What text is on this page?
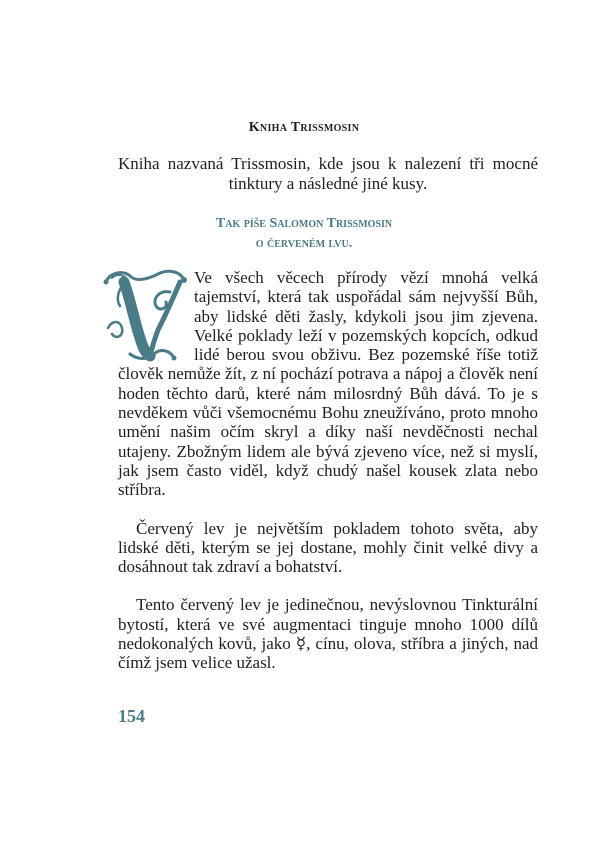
Kniha Trissmosin

Kniha nazvaná Trissmosin, kde jsou k nalezení tři mocné tinktury a následné jiné kusy.

Tak píše Salomon Trissmosin
o červeném lvu.

Ve všech věcech přírody vězí mnohá velká tajemství, která tak uspořádal sám nejvyšší Bůh, aby lidské děti žasly, kdykoli jsou jim zjevena. Velké poklady leží v pozemských kopcích, odkud lidé berou svou obživu. Bez pozemské říše totiž člověk nemůže žít, z ní pochází potrava a nápoj a člověk není hoden těchto darů, které nám milosrdný Bůh dává. To je s nevděkem vůči všemocnému Bohu zneužíváno, proto mnoho umění našim očím skryl a díky naší nevděčnosti nechal utajeny. Zbožným lidem ale bývá zjeveno více, než si myslí, jak jsem často viděl, když chudý našel kousek zlata nebo stříbra.

Červený lev je největším pokladem tohoto světa, aby lidské děti, kterým se jej dostane, mohly činit velké divy a dosáhnout tak zdraví a bohatství.

Tento červený lev je jedinečnou, nevýslovnou Tinkturální bytostí, která ve své augmentaci tinguje mnoho 1000 dílů nedokonalých kovů, jako ☿, cínu, olova, stříbra a jiných, nad čímž jsem velice užasl.

154
